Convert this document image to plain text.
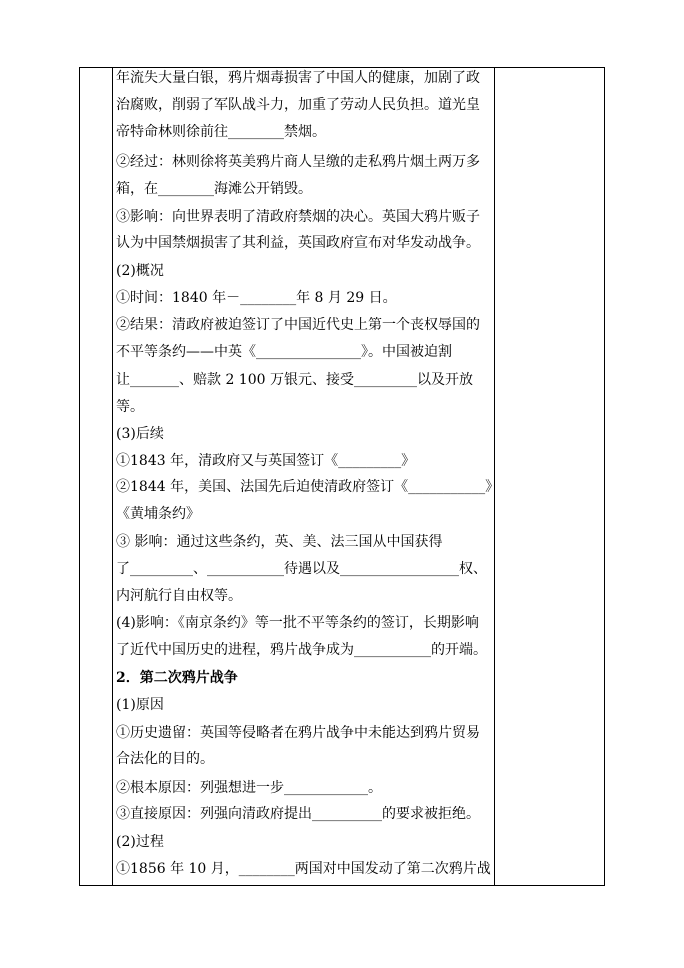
年流失大量白银，鸦片烟毒损害了中国人的健康，加剧了政
治腐败，削弱了军队战斗力，加重了劳动人民负担。道光皇
帝特命林则徐前往________禁烟。
②经过：林则徐将英美鸦片商人呈缴的走私鸦片烟土两万多
箱，在________海滩公开销毁。
③影响：向世界表明了清政府禁烟的决心。英国大鸦片贩子
认为中国禁烟损害了其利益，英国政府宣布对华发动战争。
(2)概况
①时间：1840 年－________年 8 月 29 日。
②结果：清政府被迫签订了中国近代史上第一个丧权辱国的
不平等条约——中英《_______________》。中国被迫割
让_______、赔款 2 100 万银元、接受_________以及开放
等。
(3)后续
①1843 年，清政府又与英国签订《_________》
②1844 年，美国、法国先后迫使清政府签订《___________》
《黄埔条约》
③ 影响：通过这些条约，英、美、法三国从中国获得
了_________、___________待遇以及_________________权、
内河航行自由权等。
(4)影响：《南京条约》等一批不平等条约的签订，长期影响
了近代中国历史的进程，鸦片战争成为___________的开端。
2．第二次鸦片战争
(1)原因
①历史遗留：英国等侵略者在鸦片战争中未能达到鸦片贸易
合法化的目的。
②根本原因：列强想进一步____________。
③直接原因：列强向清政府提出__________的要求被拒绝。
(2)过程
①1856 年 10 月，________两国对中国发动了第二次鸦片战
